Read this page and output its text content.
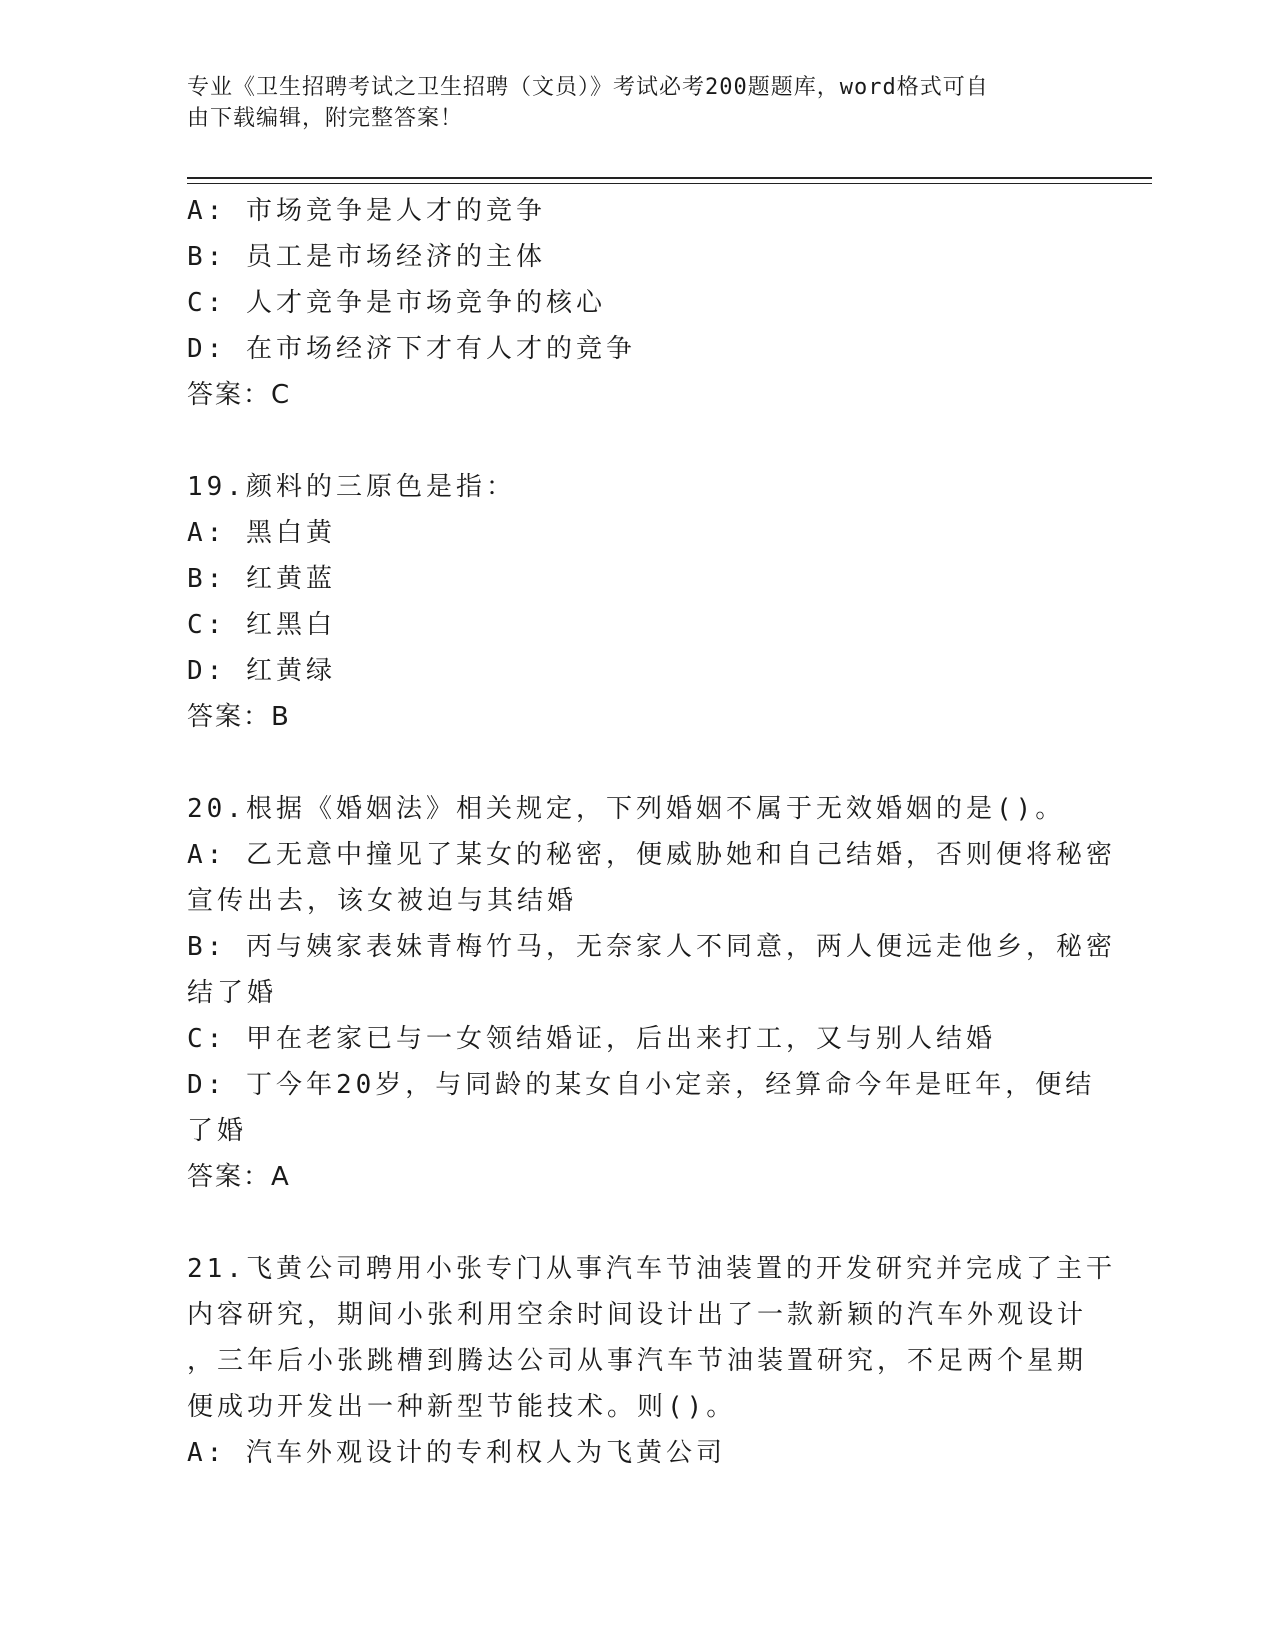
专业《卫生招聘考试之卫生招聘（文员）》考试必考200题题库，word格式可自
由下载编辑，附完整答案！
A: 市场竞争是人才的竞争
B: 员工是市场经济的主体
C: 人才竞争是市场竞争的核心
D: 在市场经济下才有人才的竞争
答案：C
19.颜料的三原色是指：
A: 黑白黄
B: 红黄蓝
C: 红黑白
D: 红黄绿
答案：B
20.根据《婚姻法》相关规定，下列婚姻不属于无效婚姻的是()。
A: 乙无意中撞见了某女的秘密，便威胁她和自己结婚，否则便将秘密
宣传出去，该女被迫与其结婚
B: 丙与姨家表妹青梅竹马，无奈家人不同意，两人便远走他乡，秘密
结了婚
C: 甲在老家已与一女领结婚证，后出来打工，又与别人结婚
D: 丁今年20岁，与同龄的某女自小定亲，经算命今年是旺年，便结
了婚
答案：A
21.飞黄公司聘用小张专门从事汽车节油装置的开发研究并完成了主干
内容研究，期间小张利用空余时间设计出了一款新颖的汽车外观设计
，三年后小张跳槽到腾达公司从事汽车节油装置研究，不足两个星期
便成功开发出一种新型节能技术。则()。
A: 汽车外观设计的专利权人为飞黄公司
